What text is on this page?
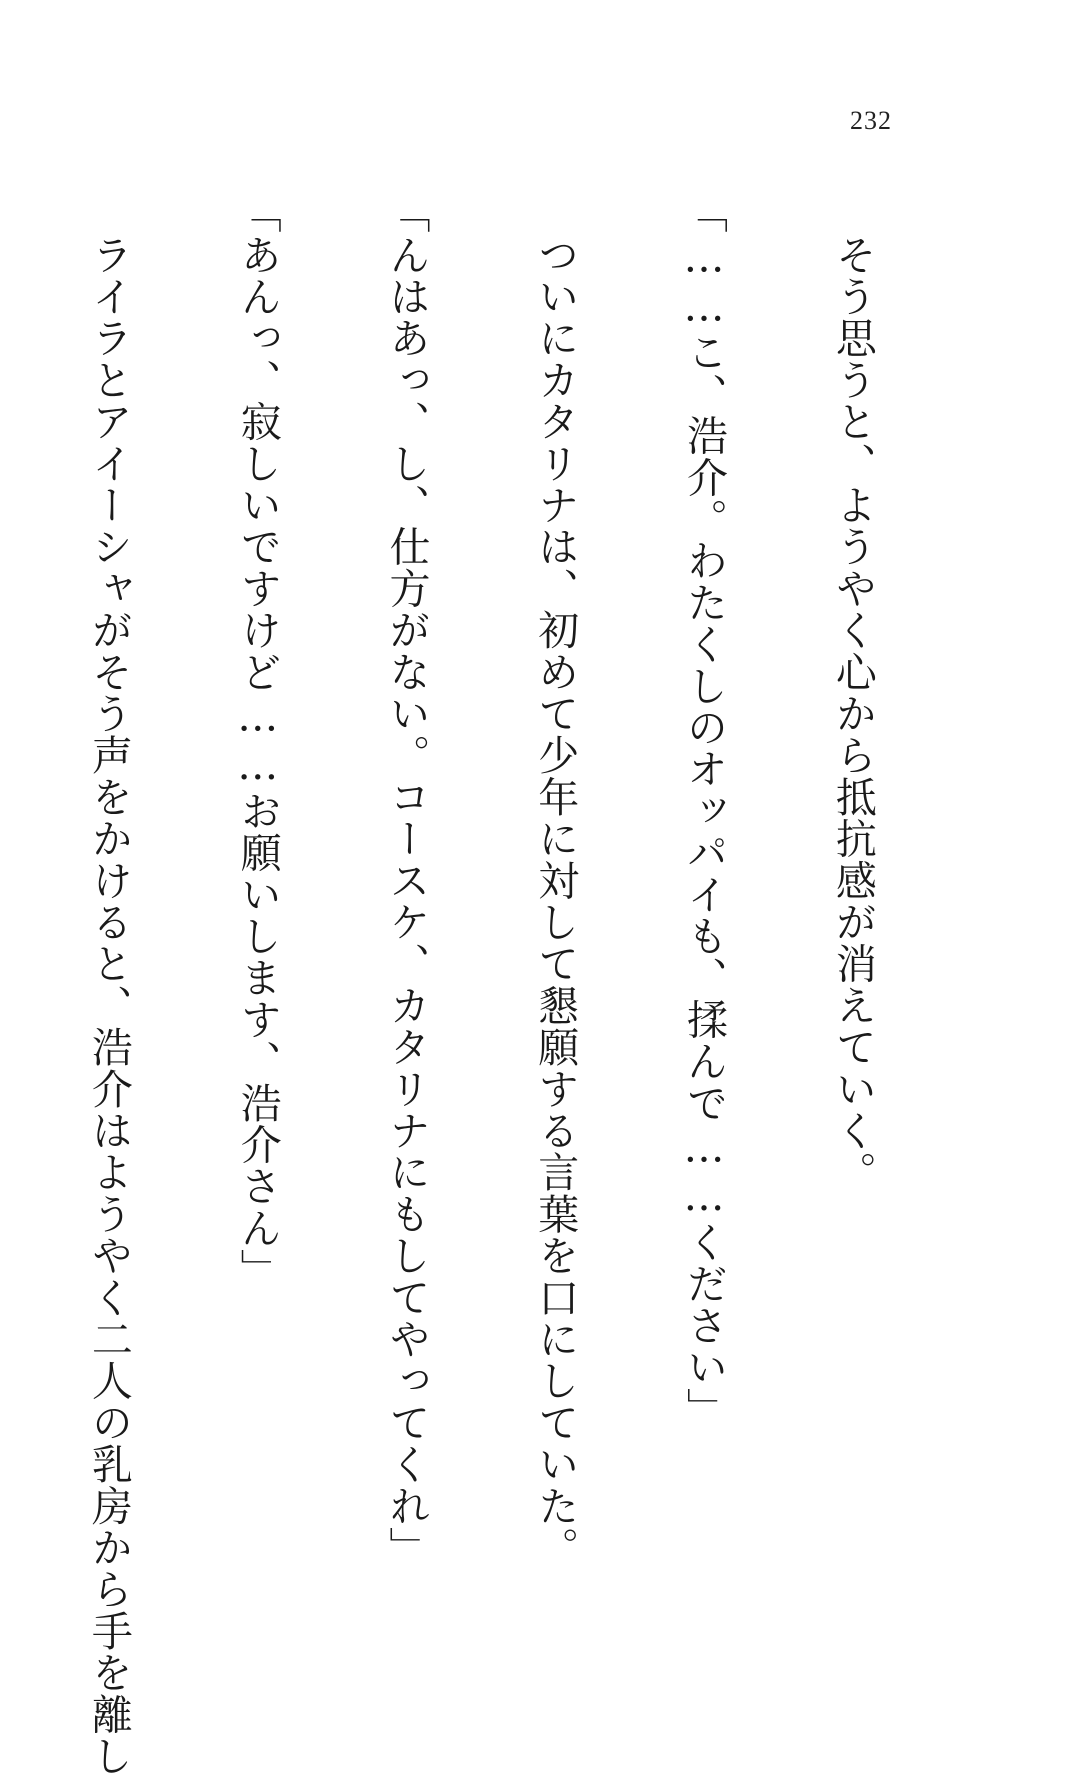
232

　そう思うと、ようやく心から抵抗感が消えていく。

「……こ、浩介。わたくしのオッパイも、揉んで……ください」

　ついにカタリナは、初めて少年に対して懇願する言葉を口にしていた。

「んはあっ、し、仕方がない。コースケ、カタリナにもしてやってくれ」

「あんっ、寂しいですけど……お願いします、浩介さん」

　ライラとアイーシャがそう声をかけると、浩介はようやく二人の乳房から手を離し
